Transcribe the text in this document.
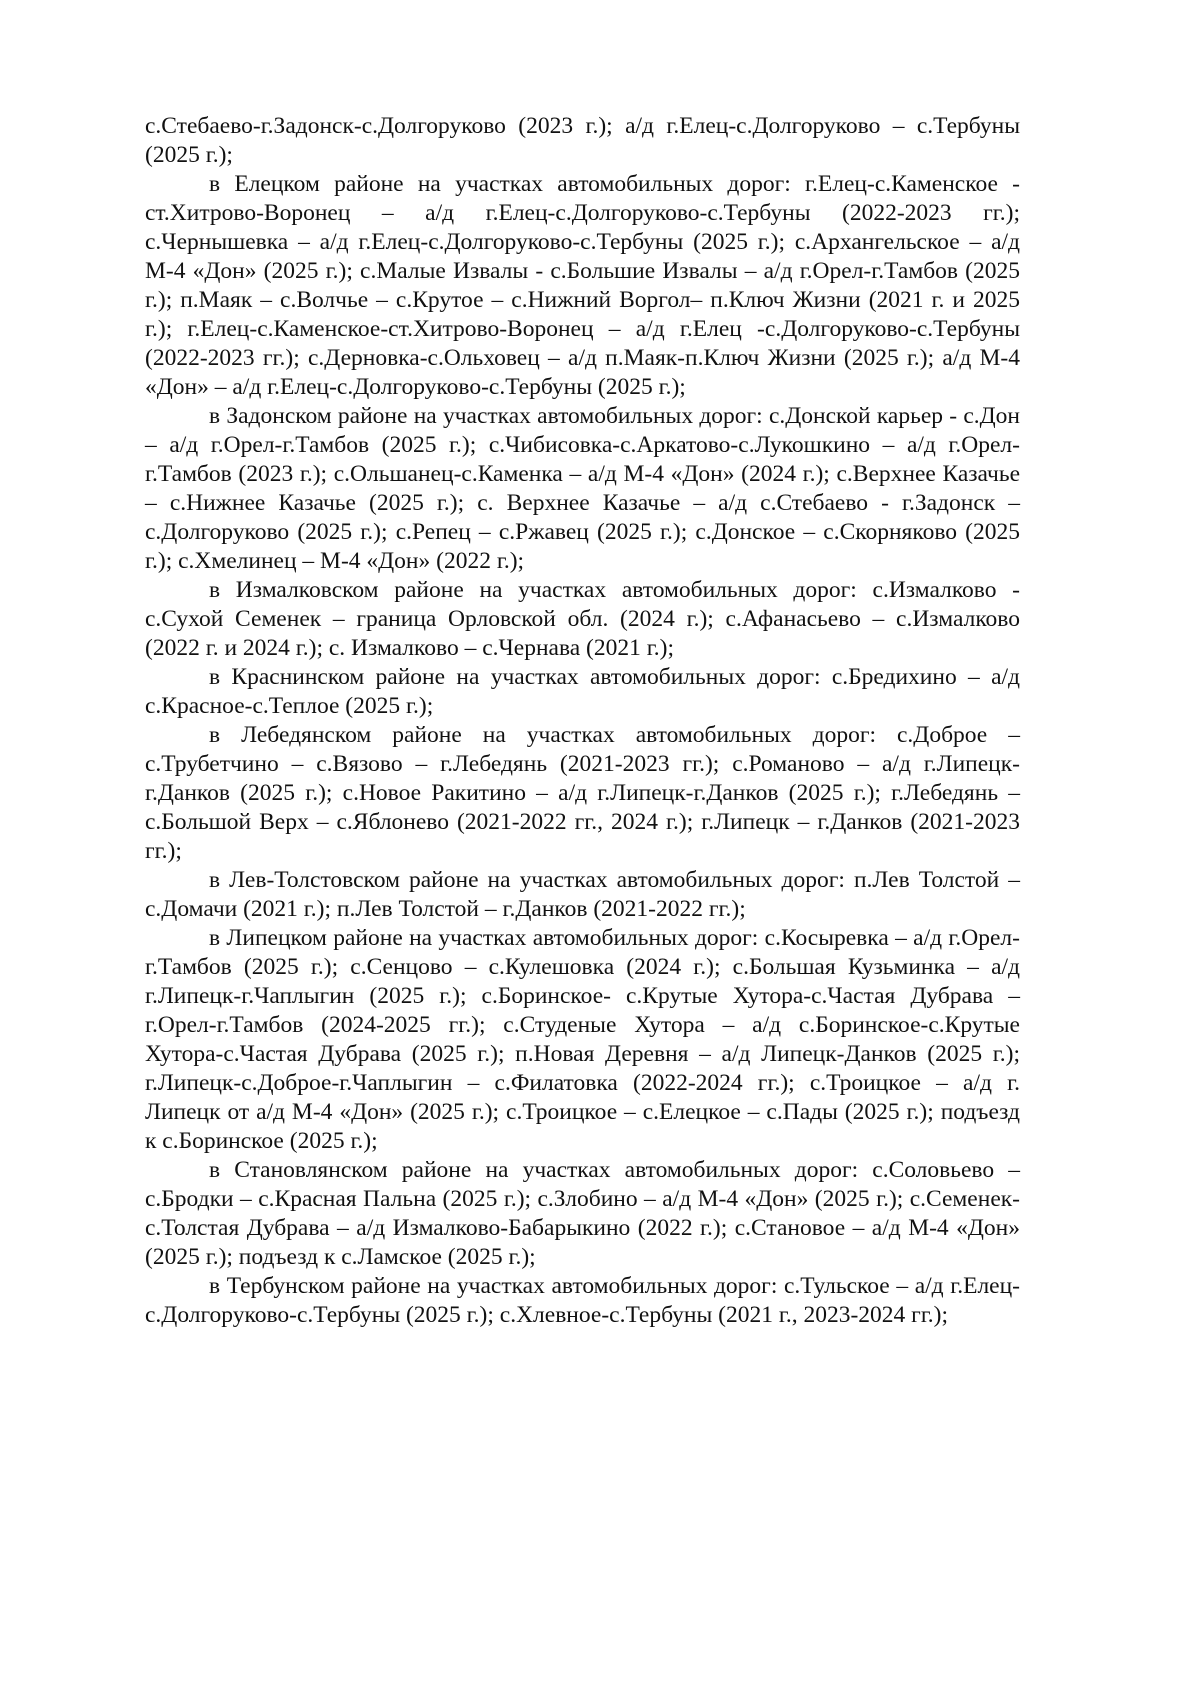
с.Стебаево-г.Задонск-с.Долгоруково (2023 г.); а/д г.Елец-с.Долгоруково – с.Тербуны (2025 г.);

в Елецком районе на участках автомобильных дорог: г.Елец-с.Каменское - ст.Хитрово-Воронец – а/д г.Елец-с.Долгоруково-с.Тербуны (2022-2023 гг.); с.Чернышевка – а/д г.Елец-с.Долгоруково-с.Тербуны (2025 г.); с.Архангельское – а/д М-4 «Дон» (2025 г.); с.Малые Извалы - с.Большие Извалы – а/д г.Орел-г.Тамбов (2025 г.); п.Маяк – с.Волчье – с.Крутое – с.Нижний Воргол– п.Ключ Жизни (2021 г. и 2025 г.); г.Елец-с.Каменское-ст.Хитрово-Воронец – а/д г.Елец -с.Долгоруково-с.Тербуны (2022-2023 гг.); с.Дерновка-с.Ольховец – а/д п.Маяк-п.Ключ Жизни (2025 г.); а/д М-4 «Дон» – а/д г.Елец-с.Долгоруково-с.Тербуны (2025 г.);

в Задонском районе на участках автомобильных дорог: с.Донской карьер - с.Дон – а/д г.Орел-г.Тамбов (2025 г.); с.Чибисовка-с.Аркатово-с.Лукошкино – а/д г.Орел-г.Тамбов (2023 г.); с.Ольшанец-с.Каменка – а/д М-4 «Дон» (2024 г.); с.Верхнее Казачье – с.Нижнее Казачье (2025 г.); с. Верхнее Казачье – а/д с.Стебаево - г.Задонск – с.Долгоруково (2025 г.); с.Репец – с.Ржавец (2025 г.); с.Донское – с.Скорняково (2025 г.); с.Хмелинец – М-4 «Дон» (2022 г.);

в Измалковском районе на участках автомобильных дорог: с.Измалково - с.Сухой Семенек – граница Орловской обл. (2024 г.); с.Афанасьево – с.Измалково (2022 г. и 2024 г.); с. Измалково – с.Чернава (2021 г.);

в Краснинском районе на участках автомобильных дорог: с.Бредихино – а/д с.Красное-с.Теплое (2025 г.);

в Лебедянском районе на участках автомобильных дорог: с.Доброе – с.Трубетчино – с.Вязово – г.Лебедянь (2021-2023 гг.); с.Романово – а/д г.Липецк-г.Данков (2025 г.); с.Новое Ракитино – а/д г.Липецк-г.Данков (2025 г.); г.Лебедянь – с.Большой Верх – с.Яблонево (2021-2022 гг., 2024 г.); г.Липецк – г.Данков (2021-2023 гг.);

в Лев-Толстовском районе на участках автомобильных дорог: п.Лев Толстой – с.Домачи (2021 г.); п.Лев Толстой – г.Данков (2021-2022 гг.);

в Липецком районе на участках автомобильных дорог: с.Косыревка – а/д г.Орел-г.Тамбов (2025 г.); с.Сенцово – с.Кулешовка (2024 г.); с.Большая Кузьминка – а/д г.Липецк-г.Чаплыгин (2025 г.); с.Боринское- с.Крутые Хутора-с.Частая Дубрава – г.Орел-г.Тамбов (2024-2025 гг.); с.Студеные Хутора – а/д с.Боринское-с.Крутые Хутора-с.Частая Дубрава (2025 г.); п.Новая Деревня – а/д Липецк-Данков (2025 г.); г.Липецк-с.Доброе-г.Чаплыгин – с.Филатовка (2022-2024 гг.); с.Троицкое – а/д г. Липецк от а/д М-4 «Дон» (2025 г.); с.Троицкое – с.Елецкое – с.Пады (2025 г.); подъезд к с.Боринское (2025 г.);

в Становлянском районе на участках автомобильных дорог: с.Соловьево – с.Бродки – с.Красная Пальна (2025 г.); с.Злобино – а/д М-4 «Дон» (2025 г.); с.Семенек-с.Толстая Дубрава – а/д Измалково-Бабарыкино (2022 г.); с.Становое – а/д М-4 «Дон» (2025 г.); подъезд к с.Ламское (2025 г.);

в Тербунском районе на участках автомобильных дорог: с.Тульское – а/д г.Елец-с.Долгоруково-с.Тербуны (2025 г.); с.Хлевное-с.Тербуны (2021 г., 2023-2024 гг.);
